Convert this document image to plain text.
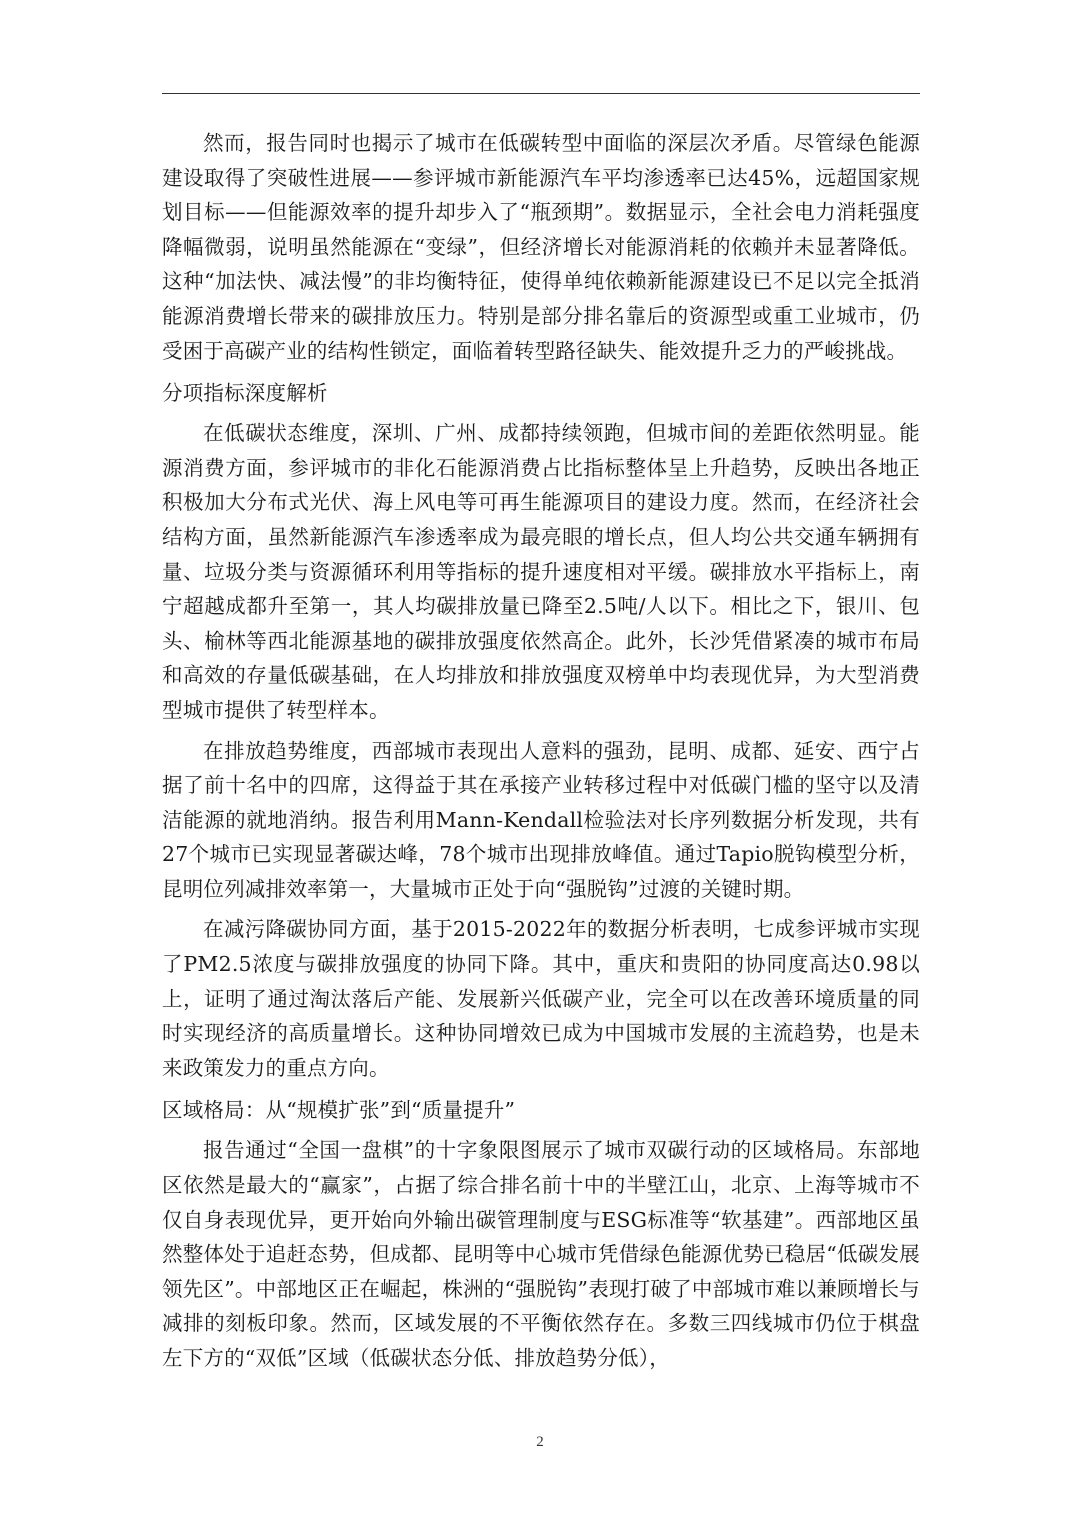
然而，报告同时也揭示了城市在低碳转型中面临的深层次矛盾。尽管绿色能源建设取得了突破性进展——参评城市新能源汽车平均渗透率已达45%，远超国家规划目标——但能源效率的提升却步入了“瓶颈期”。数据显示，全社会电力消耗强度降幅微弱，说明虽然能源在“变绿”，但经济增长对能源消耗的依赖并未显著降低。这种“加法快、减法慢”的非均衡特征，使得单纯依赖新能源建设已不足以完全抵消能源消费增长带来的碳排放压力。特别是部分排名靠后的资源型或重工业城市，仍受困于高碳产业的结构性锁定，面临着转型路径缺失、能效提升乏力的严峻挑战。

分项指标深度解析

在低碳状态维度，深圳、广州、成都持续领跑，但城市间的差距依然明显。能源消费方面，参评城市的非化石能源消费占比指标整体呈上升趋势，反映出各地正积极加大分布式光伏、海上风电等可再生能源项目的建设力度。然而，在经济社会结构方面，虽然新能源汽车渗透率成为最亮眼的增长点，但人均公共交通车辆拥有量、垃圾分类与资源循环利用等指标的提升速度相对平缓。碳排放水平指标上，南宁超越成都升至第一，其人均碳排放量已降至2.5吨/人以下。相比之下，银川、包头、榆林等西北能源基地的碳排放强度依然高企。此外，长沙凭借紧凑的城市布局和高效的存量低碳基础，在人均排放和排放强度双榜单中均表现优异，为大型消费型城市提供了转型样本。

在排放趋势维度，西部城市表现出人意料的强劲，昆明、成都、延安、西宁占据了前十名中的四席，这得益于其在承接产业转移过程中对低碳门槛的坚守以及清洁能源的就地消纳。报告利用Mann-Kendall检验法对长序列数据分析发现，共有27个城市已实现显著碳达峰，78个城市出现排放峰值。通过Tapio脱钩模型分析，昆明位列减排效率第一，大量城市正处于向“强脱钩”过渡的关键时期。

在减污降碳协同方面，基于2015-2022年的数据分析表明，七成参评城市实现了PM2.5浓度与碳排放强度的协同下降。其中，重庆和贵阳的协同度高达0.98以上，证明了通过淘汰落后产能、发展新兴低碳产业，完全可以在改善环境质量的同时实现经济的高质量增长。这种协同增效已成为中国城市发展的主流趋势，也是未来政策发力的重点方向。

区域格局：从“规模扩张”到“质量提升”

报告通过“全国一盘棋”的十字象限图展示了城市双碳行动的区域格局。东部地区依然是最大的“赢家”，占据了综合排名前十中的半壁江山，北京、上海等城市不仅自身表现优异，更开始向外输出碳管理制度与ESG标准等“软基建”。西部地区虽然整体处于追赶态势，但成都、昆明等中心城市凭借绿色能源优势已稳居“低碳发展领先区”。中部地区正在崛起，株洲的“强脱钩”表现打破了中部城市难以兼顾增长与减排的刻板印象。然而，区域发展的不平衡依然存在。多数三四线城市仍位于棋盘左下方的“双低”区域（低碳状态分低、排放趋势分低），

2
